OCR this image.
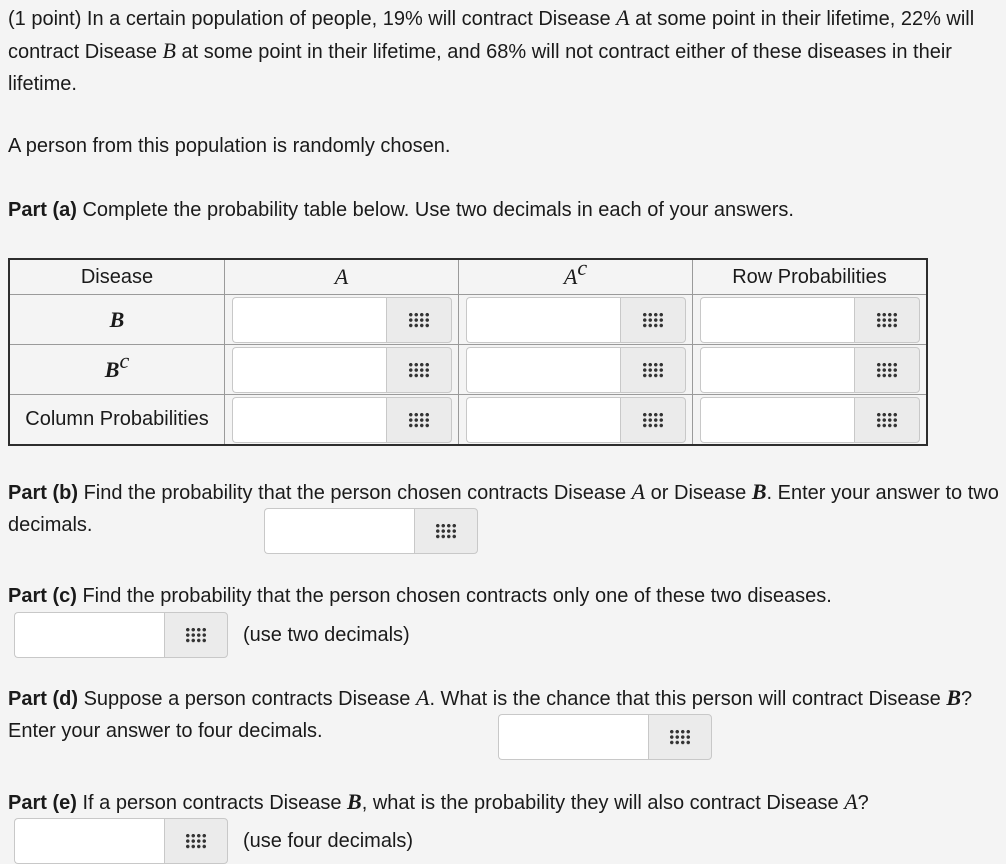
(1 point) In a certain population of people, 19% will contract Disease A at some point in their lifetime, 22% will contract Disease B at some point in their lifetime, and 68% will not contract either of these diseases in their lifetime.

A person from this population is randomly chosen.

Part (a) Complete the probability table below. Use two decimals in each of your answers.

Disease	A	$A^c$	Row Probabilities
B	

$B^c$	

Column Probabilities	

Part (b) Find the probability that the person chosen contracts Disease A or Disease B. Enter your answer to two decimals.

Part (c) Find the probability that the person chosen contracts only one of these two diseases.

(use two decimals)

Part (d) Suppose a person contracts Disease A. What is the chance that this person will contract Disease B? Enter your answer to four decimals.

Part (e) If a person contracts Disease B, what is the probability they will also contract Disease A?

(use four decimals)
